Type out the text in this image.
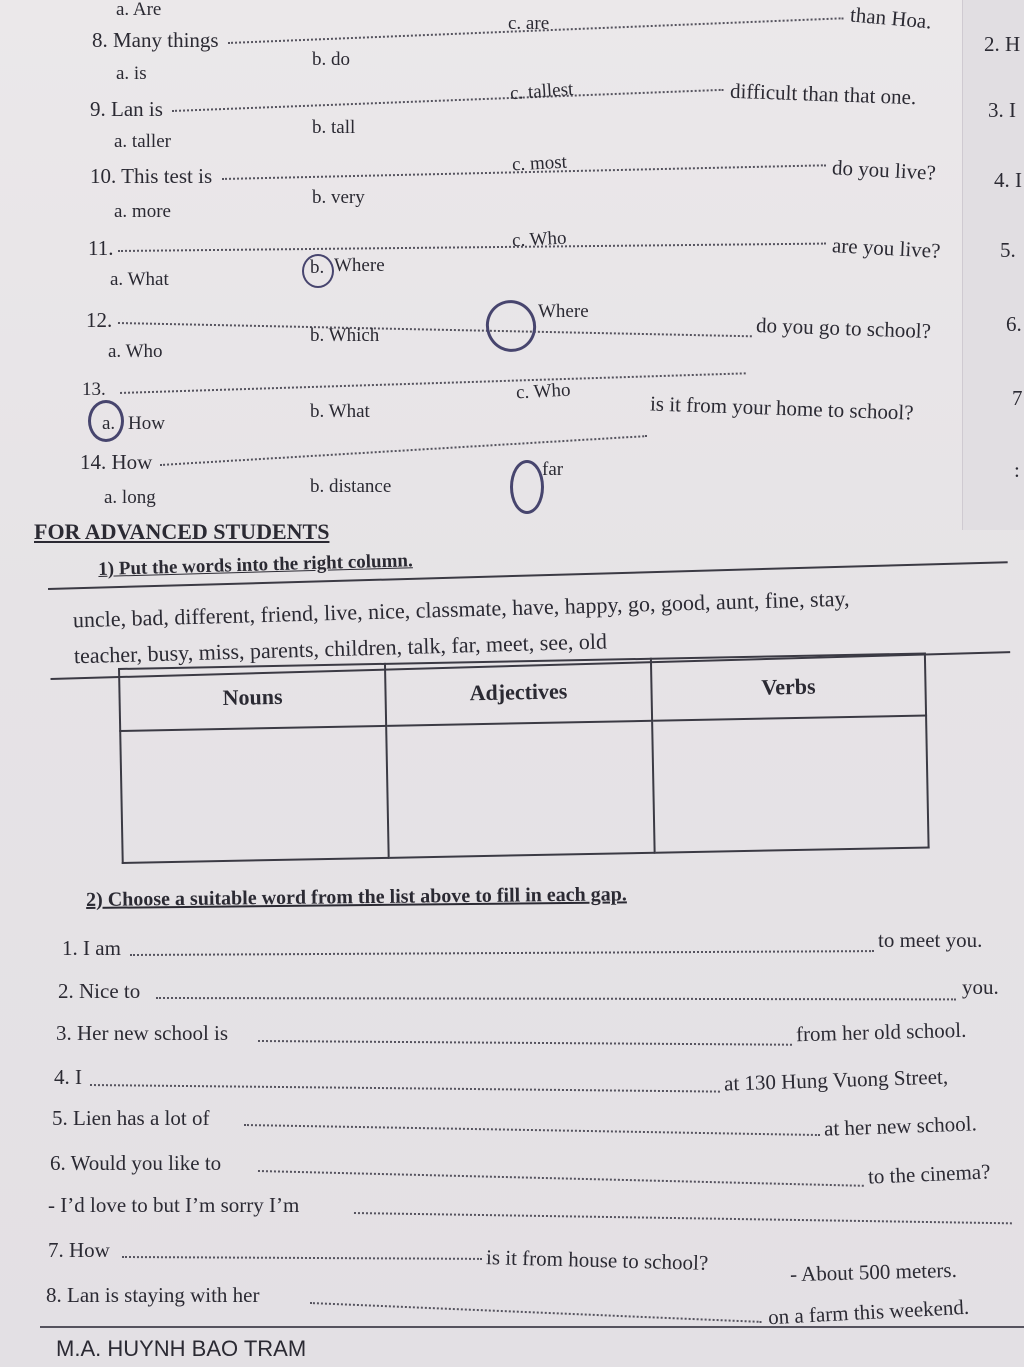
2. H
3. I
4. I
5.
6.
7
:
a. Are
8. Many things
than Hoa.
a. is
b. do
c. are
9. Lan is	difficult than that one.
a. taller
b. tall
c. tallest
10. This test is	do you live?
a. more
b. very
c. most
11.	are you live?
a. What
b. Where
c. Who
12.	do you go to school?
a. Who
b. Which
Where
13.
is it from your home to school?
a. How
b. What
c. Who
14. How
a. long
b. distance
far
FOR ADVANCED STUDENTS
1) Put the words into the right column.
uncle, bad, different, friend, live, nice, classmate, have, happy, go, good, aunt, fine, stay,
teacher, busy, miss, parents, children, talk, far, meet, see, old
Nouns	Adjectives	Verbs

2) Choose a suitable word from the list above to fill in each gap.
1. I am	to meet you.
2. Nice to	you.
3. Her new school is	from her old school.
4. I	at 130 Hung Vuong Street,
5. Lien has a lot of	at her new school.
6. Would you like to	to the cinema?
- I’d love to but I’m sorry I’m
7. How	is it from house to school?	- About 500 meters.
8. Lan is staying with her	on a farm this weekend.
M.A. HUYNH BAO TRAM
